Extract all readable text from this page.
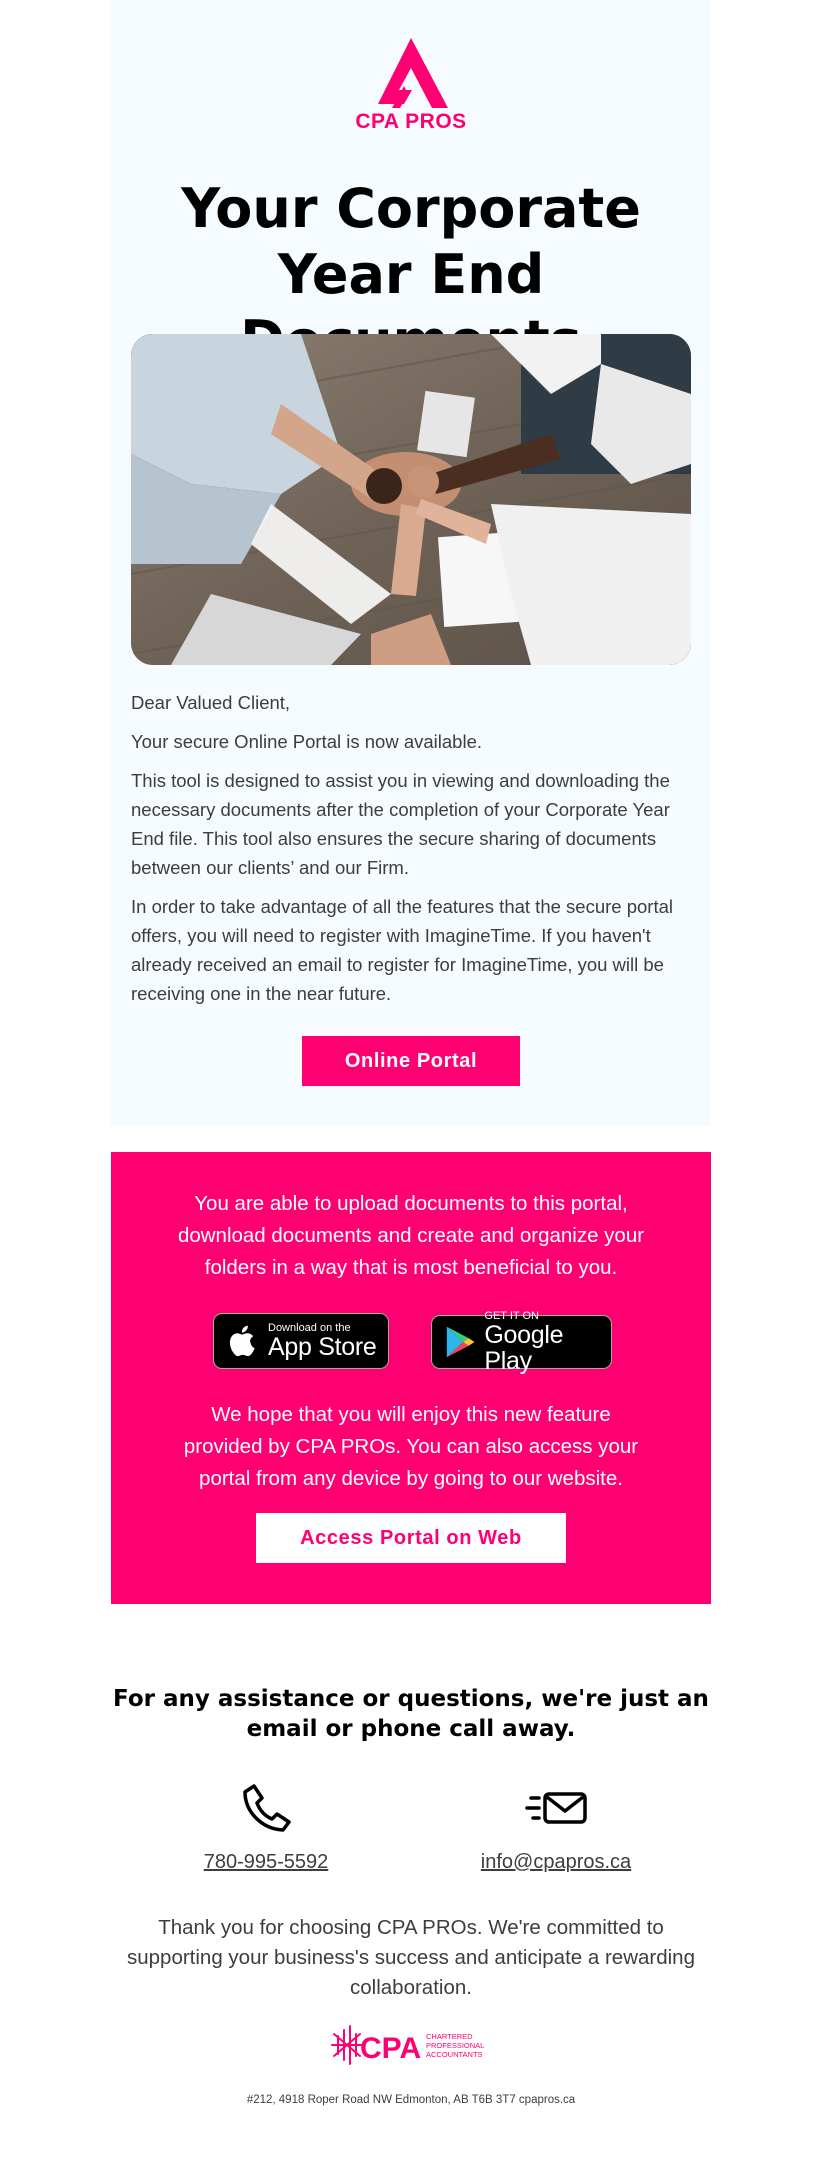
CPA PROS
Your Corporate Year End

Dear Valued Client,

Your secure Online Portal is now available.

This tool is designed to assist you in viewing and downloading the necessary documents after the completion of your Corporate Year End file. This tool also ensures the secure sharing of documents between our clients’ and our Firm.

In order to take advantage of all the features that the secure portal offers, you will need to register with ImagineTime. If you haven't already received an email to register for ImagineTime, you will be receiving one in the near future.

Online Portal

You are able to upload documents to this portal, download documents and create and organize your folders in a way that is most beneficial to you.

Download on the
App Store
GET IT ON
Google Play

We hope that you will enjoy this new feature provided by CPA PROs. You can also access your portal from any device by going to our website.

Access Portal on Web
For any assistance or questions, we're just an email or phone call away.

780-995-5592	info@cpapros.ca

Thank you for choosing CPA PROs. We're committed to supporting your business's success and anticipate a rewarding collaboration.

CPA CHARTERED
PROFESSIONAL
ACCOUNTANTS

#212, 4918 Roper Road NW Edmonton, AB T6B 3T7 cpapros.ca
